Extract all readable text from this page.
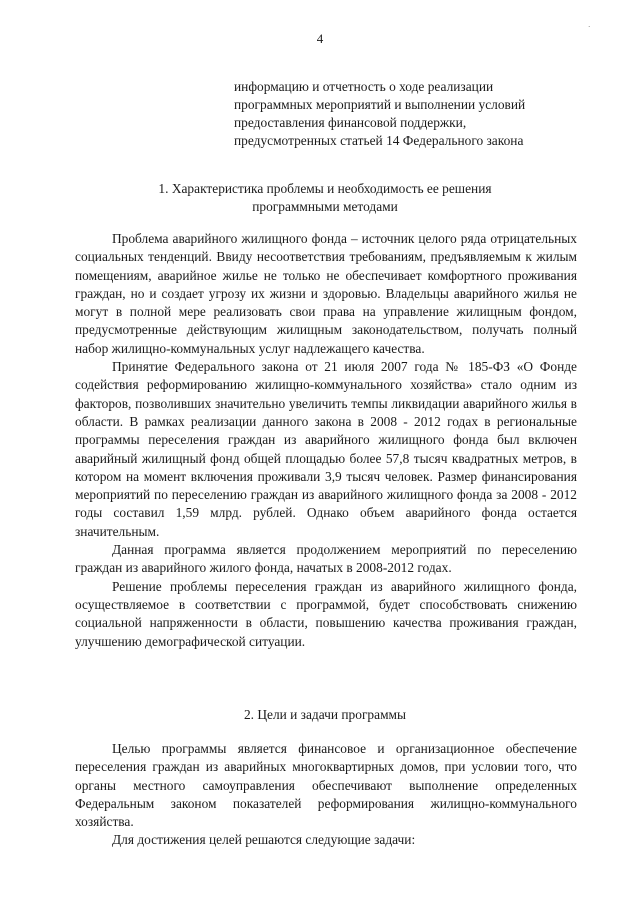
4
·
информацию и отчетность о ходе реализации
программных мероприятий и выполнении условий
предоставления финансовой поддержки,
предусмотренных статьей 14 Федерального закона
1. Характеристика проблемы и необходимость ее решения
программными методами

Проблема аварийного жилищного фонда – источник целого ряда отрицательных социальных тенденций. Ввиду несоответствия требованиям, предъявляемым к жилым помещениям, аварийное жилье не только не обеспечивает комфортного проживания граждан, но и создает угрозу их жизни и здоровью. Владельцы аварийного жилья не могут в полной мере реализовать свои права на управление жилищным фондом, предусмотренные действующим жилищным законодательством, получать полный набор жилищно-коммунальных услуг надлежащего качества.

Принятие Федерального закона от 21 июля 2007 года № 185-ФЗ «О Фонде содействия реформированию жилищно-коммунального хозяйства» стало одним из факторов, позволивших значительно увеличить темпы ликвидации аварийного жилья в области. В рамках реализации данного закона в 2008 - 2012 годах в региональные программы переселения граждан из аварийного жилищного фонда был включен аварийный жилищный фонд общей площадью более 57,8 тысяч квадратных метров, в котором на момент включения проживали 3,9 тысяч человек. Размер финансирования мероприятий по переселению граждан из аварийного жилищного фонда за 2008 - 2012 годы составил 1,59 млрд. рублей. Однако объем аварийного фонда остается значительным.

Данная программа является продолжением мероприятий по переселению граждан из аварийного жилого фонда, начатых в 2008-2012 годах.

Решение проблемы переселения граждан из аварийного жилищного фонда, осуществляемое в соответствии с программой, будет способствовать снижению социальной напряженности в области, повышению качества проживания граждан, улучшению демографической ситуации.

2. Цели и задачи программы

Целью программы является финансовое и организационное обеспечение переселения граждан из аварийных многоквартирных домов, при условии того, что органы местного самоуправления обеспечивают выполнение определенных Федеральным законом показателей реформирования жилищно-коммунального хозяйства.

Для достижения целей решаются следующие задачи:
